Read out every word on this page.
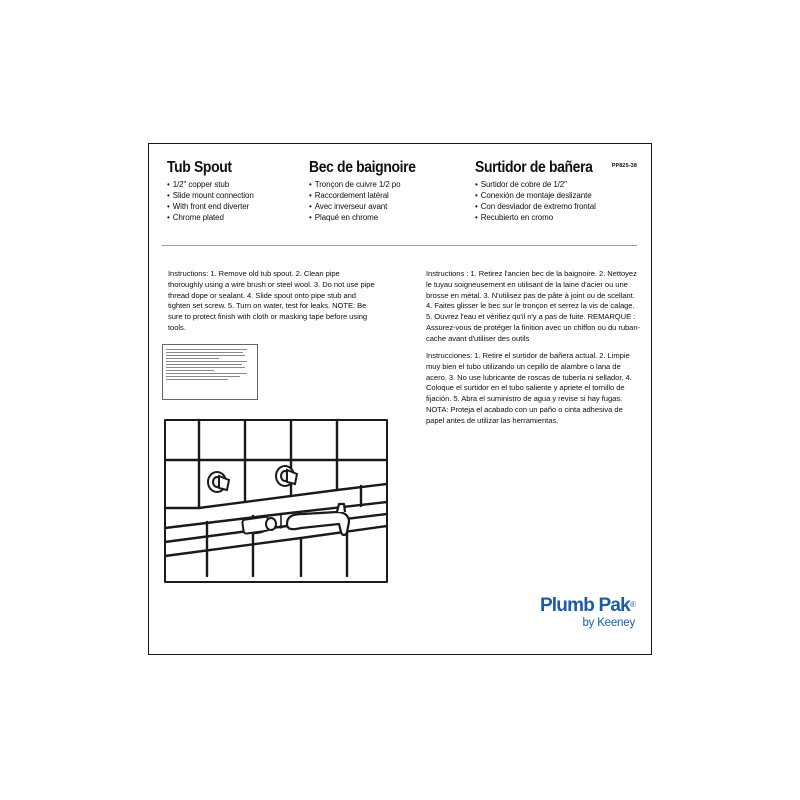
Tub Spout
• 1/2" copper stub
• Slide mount connection
• With front end diverter
• Chrome plated
Bec de baignoire
• Tronçon de cuivre 1/2 po
• Raccordement latéral
• Avec inverseur avant
• Plaqué en chrome
Surtidor de bañera
• Surtidor de cobre de 1/2"
• Conexión de montaje deslizante
• Con desviador de extremo frontal
• Recubierto en cromo
PP825-38
Instructions: 1. Remove old tub spout. 2. Clean pipe thoroughly using a wire brush or steel wool. 3. Do not use pipe thread dope or sealant. 4. Slide spout onto pipe stub and tighten set screw. 5. Turn on water, test for leaks. NOTE: Be sure to protect finish with cloth or masking tape before using tools.
Instructions : 1. Retirez l'ancien bec de la baignoire. 2. Nettoyez le tuyau soigneusement en utilisant de la laine d'acier ou une brosse en métal. 3. N'utilisez pas de pâte à joint ou de scellant. 4. Faites glisser le bec sur le tronçon et serrez la vis de calage. 5. Ouvrez l'eau et vérifiez qu'il n'y a pas de fuite. REMARQUE : Assurez-vous de protéger la finition avec un chiffon ou du ruban-cache avant d'utiliser des outils
Instrucciones: 1. Retire el surtidor de bañera actual. 2. Limpie muy bien el tubo utilizando un cepillo de alambre o lana de acero. 3. No use lubricante de roscas de tubería ni sellador. 4. Coloque el surtidor en el tubo saliente y apriete el tornillo de fijación. 5. Abra el suministro de agua y revise si hay fugas. NOTA: Proteja el acabado con un paño o cinta adhesiva de papel antes de utilizar las herramientas.
Plumb Pak®
by Keeney
